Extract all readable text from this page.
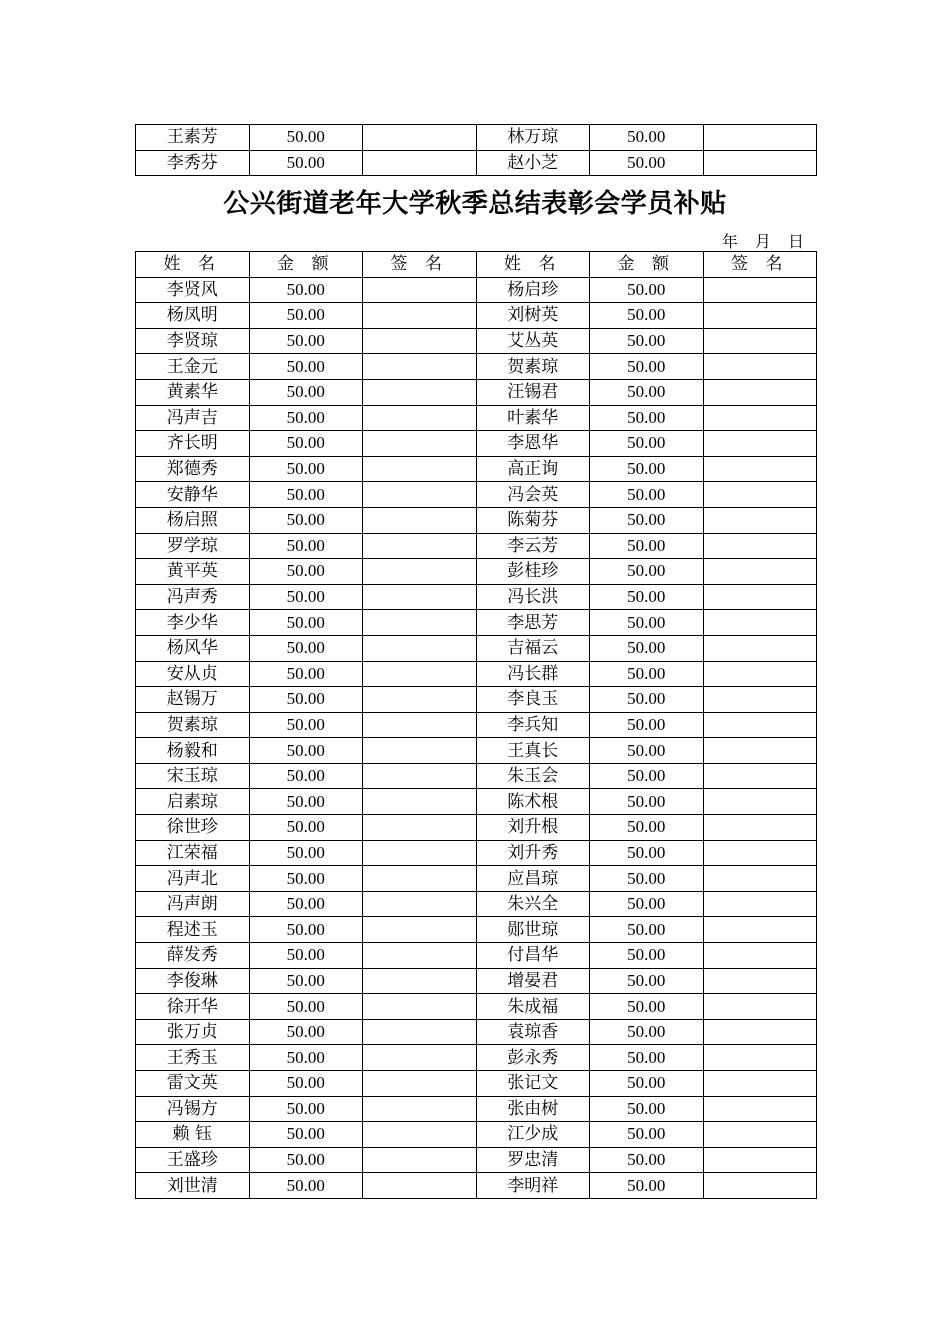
王素芳	50.00		林万琼	50.00	
李秀芬	50.00		赵小芝	50.00	
公兴街道老年大学秋季总结表彰会学员补贴
年 月 日
姓 名	金 额	签 名	姓 名	金 额	签 名
李贤风	50.00		杨启珍	50.00	
杨凤明	50.00		刘树英	50.00	
李贤琼	50.00		艾丛英	50.00	
王金元	50.00		贺素琼	50.00	
黄素华	50.00		汪锡君	50.00	
冯声吉	50.00		叶素华	50.00	
齐长明	50.00		李恩华	50.00	
郑德秀	50.00		高正询	50.00	
安静华	50.00		冯会英	50.00	
杨启照	50.00		陈菊芬	50.00	
罗学琼	50.00		李云芳	50.00	
黄平英	50.00		彭桂珍	50.00	
冯声秀	50.00		冯长洪	50.00	
李少华	50.00		李思芳	50.00	
杨风华	50.00		吉福云	50.00	
安从贞	50.00		冯长群	50.00	
赵锡万	50.00		李良玉	50.00	
贺素琼	50.00		李兵知	50.00	
杨毅和	50.00		王真长	50.00	
宋玉琼	50.00		朱玉会	50.00	
启素琼	50.00		陈术根	50.00	
徐世珍	50.00		刘升根	50.00	
江荣福	50.00		刘升秀	50.00	
冯声北	50.00		应昌琼	50.00	
冯声朗	50.00		朱兴全	50.00	
程述玉	50.00		郧世琼	50.00	
薛发秀	50.00		付昌华	50.00	
李俊琳	50.00		增晏君	50.00	
徐开华	50.00		朱成福	50.00	
张万贞	50.00		袁琼香	50.00	
王秀玉	50.00		彭永秀	50.00	
雷文英	50.00		张记文	50.00	
冯锡方	50.00		张由树	50.00	
赖 钰	50.00		江少成	50.00	
王盛珍	50.00		罗忠清	50.00	
刘世清	50.00		李明祥	50.00	
